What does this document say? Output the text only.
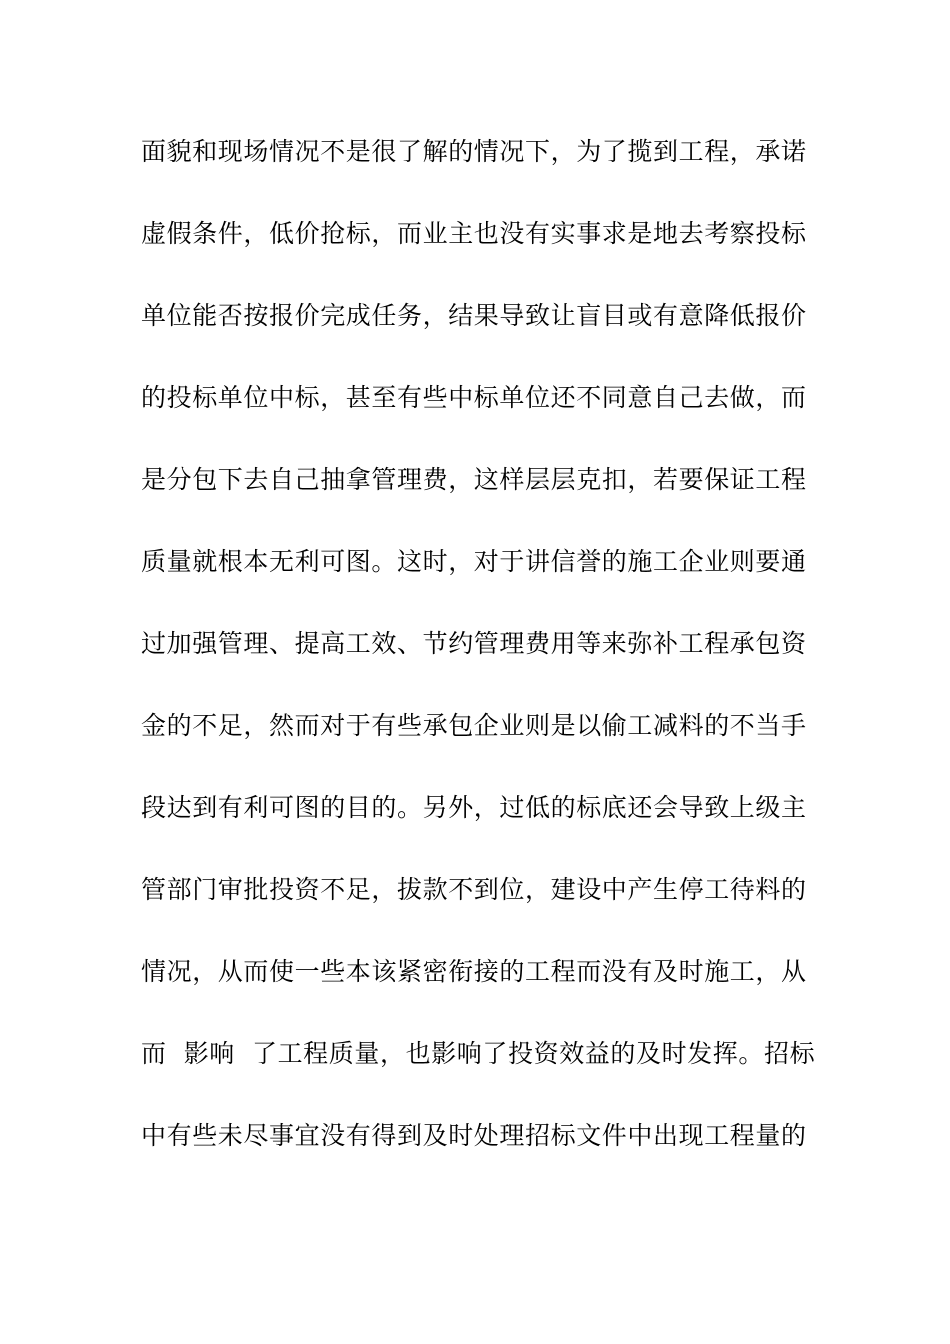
面貌和现场情况不是很了解的情况下，为了揽到工程，承诺
虚假条件，低价抢标，而业主也没有实事求是地去考察投标
单位能否按报价完成任务，结果导致让盲目或有意降低报价
的投标单位中标，甚至有些中标单位还不同意自己去做，而
是分包下去自己抽拿管理费，这样层层克扣，若要保证工程
质量就根本无利可图。这时，对于讲信誉的施工企业则要通
过加强管理、提高工效、节约管理费用等来弥补工程承包资
金的不足，然而对于有些承包企业则是以偷工减料的不当手
段达到有利可图的目的。另外，过低的标底还会导致上级主
管部门审批投资不足，拔款不到位，建设中产生停工待料的
情况，从而使一些本该紧密衔接的工程而没有及时施工，从
而  影响  了工程质量，也影响了投资效益的及时发挥。招标
中有些未尽事宜没有得到及时处理招标文件中出现工程量的
